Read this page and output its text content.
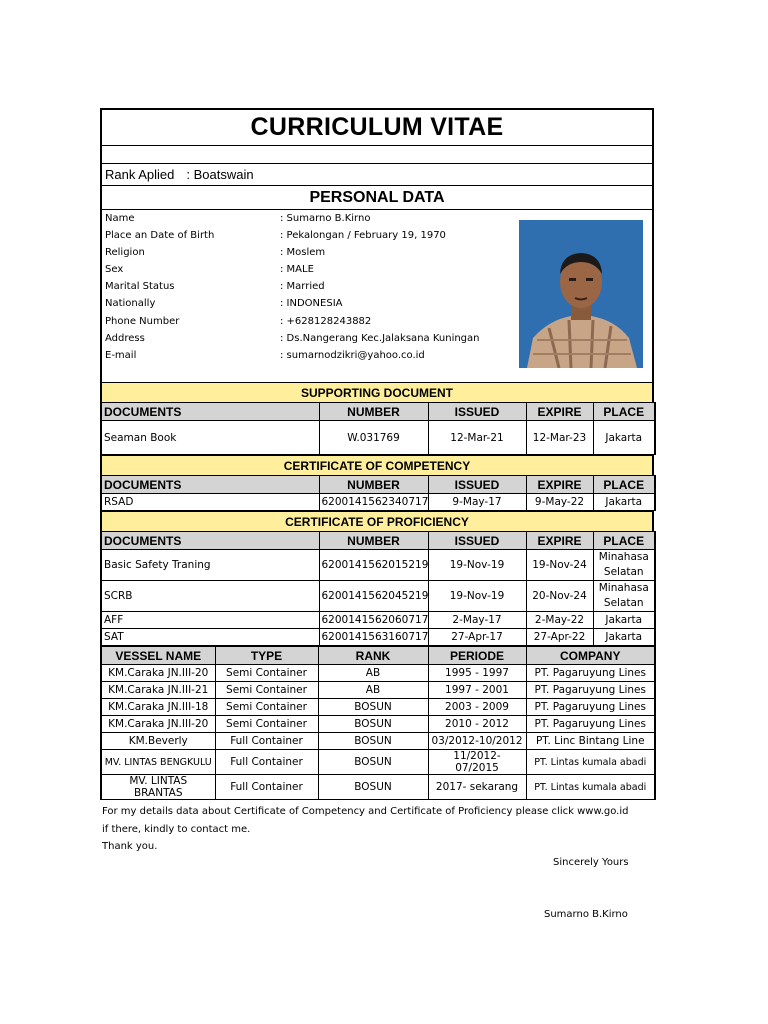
CURRICULUM VITAE
Rank Aplied : Boatswain
PERSONAL DATA
Name	: Sumarno B.Kirno
Place an Date of Birth	: Pekalongan / February 19, 1970
Religion	: Moslem
Sex	: MALE
Marital Status	: Married
Nationally	: INDONESIA
Phone Number	: +628128243882
Address	: Ds.Nangerang Kec.Jalaksana Kuningan
E-mail	: sumarnodzikri@yahoo.co.id
SUPPORTING DOCUMENT
DOCUMENTS	NUMBER	ISSUED	EXPIRE	PLACE
Seaman Book	W.031769	12-Mar-21	12-Mar-23	Jakarta
CERTIFICATE OF COMPETENCY
DOCUMENTS	NUMBER	ISSUED	EXPIRE	PLACE
RSAD	6200141562340717	9-May-17	9-May-22	Jakarta
CERTIFICATE OF PROFICIENCY
DOCUMENTS	NUMBER	ISSUED	EXPIRE	PLACE
Basic Safety Traning	6200141562015219	19-Nov-19	19-Nov-24	Minahasa Selatan
SCRB	6200141562045219	19-Nov-19	20-Nov-24	Minahasa Selatan
AFF	6200141562060717	2-May-17	2-May-22	Jakarta
SAT	6200141563160717	27-Apr-17	27-Apr-22	Jakarta
VESSEL NAME	TYPE	RANK	PERIODE	COMPANY
KM.Caraka JN.III-20	Semi Container	AB	1995 - 1997	PT. Pagaruyung Lines
KM.Caraka JN.III-21	Semi Container	AB	1997 - 2001	PT. Pagaruyung Lines
KM.Caraka JN.III-18	Semi Container	BOSUN	2003 - 2009	PT. Pagaruyung Lines
KM.Caraka JN.III-20	Semi Container	BOSUN	2010 - 2012	PT. Pagaruyung Lines
KM.Beverly	Full Container	BOSUN	03/2012-10/2012	PT. Linc Bintang Line
MV. LINTAS BENGKULU	Full Container	BOSUN	11/2012- 07/2015	PT. Lintas kumala abadi
MV. LINTAS BRANTAS	Full Container	BOSUN	2017- sekarang	PT. Lintas kumala abadi
For my details data about Certificate of Competency and Certificate of Proficiency please click www.go.id
if there, kindly to contact me.
Thank you.
Sincerely Yours
Sumarno B.Kirno
